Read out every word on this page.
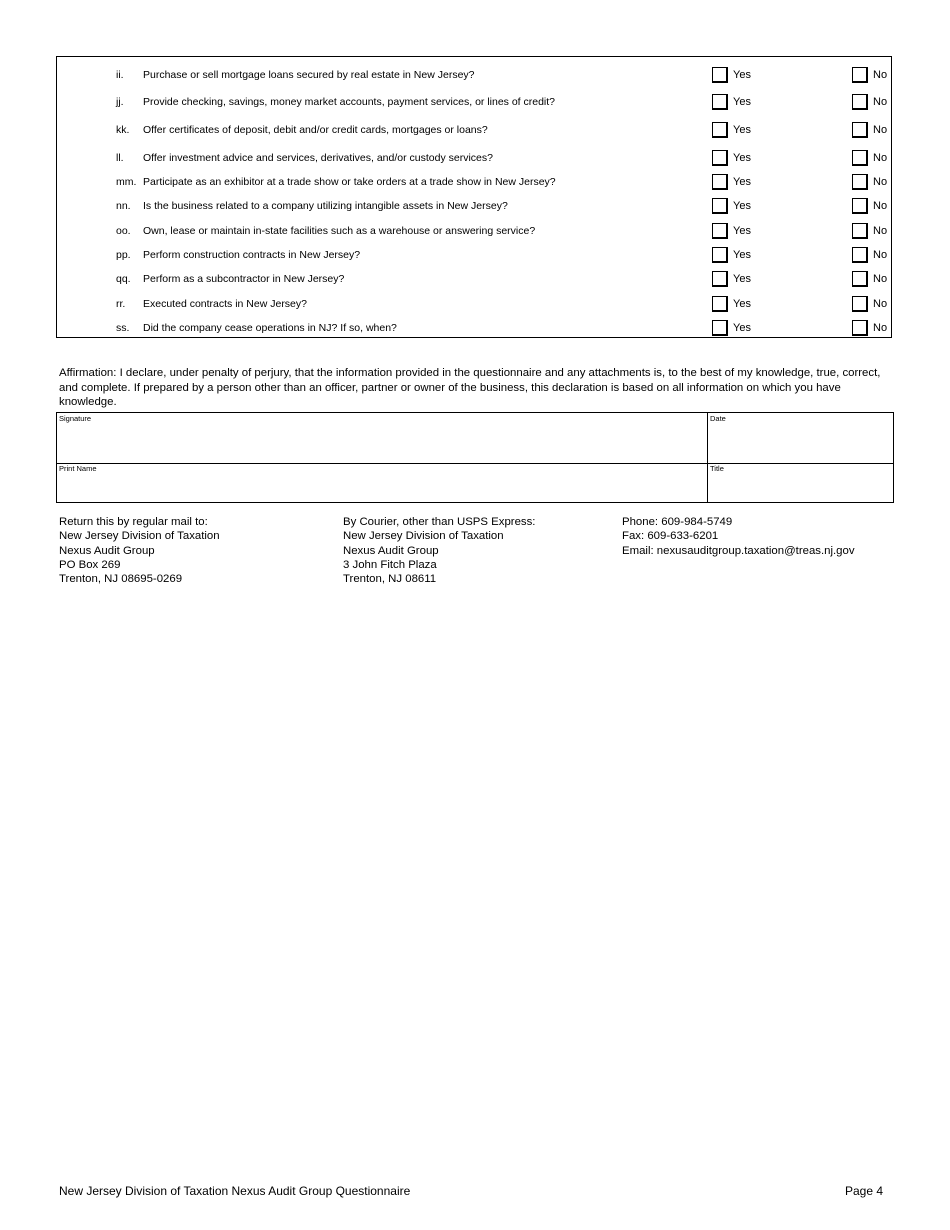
ii. Purchase or sell mortgage loans secured by real estate in New Jersey?	Yes	No
jj. Provide checking, savings, money market accounts, payment services, or lines of credit?	Yes	No
kk. Offer certificates of deposit, debit and/or credit cards, mortgages or loans?	Yes	No
ll. Offer investment advice and services, derivatives, and/or custody services?	Yes	No
mm. Participate as an exhibitor at a trade show or take orders at a trade show in New Jersey?	Yes	No
nn. Is the business related to a company utilizing intangible assets in New Jersey?	Yes	No
oo. Own, lease or maintain in-state facilities such as a warehouse or answering service?	Yes	No
pp. Perform construction contracts in New Jersey?	Yes	No
qq. Perform as a subcontractor in New Jersey?	Yes	No
rr. Executed contracts in New Jersey?	Yes	No
ss. Did the company cease operations in NJ? If so, when?	Yes	No
Affirmation: I declare, under penalty of perjury, that the information provided in the questionnaire and any attachments is, to the best of my knowledge, true, correct, and complete. If prepared by a person other than an officer, partner or owner of the business, this declaration is based on all information on which you have knowledge.
Signature	Date
Print Name	Title
Return this by regular mail to:
New Jersey Division of Taxation
Nexus Audit Group
PO Box 269
Trenton, NJ 08695-0269
By Courier, other than USPS Express:
New Jersey Division of Taxation
Nexus Audit Group
3 John Fitch Plaza
Trenton, NJ 08611
Phone: 609-984-5749
Fax: 609-633-6201
Email: nexusauditgroup.taxation@treas.nj.gov
New Jersey Division of Taxation Nexus Audit Group Questionnaire	Page 4
